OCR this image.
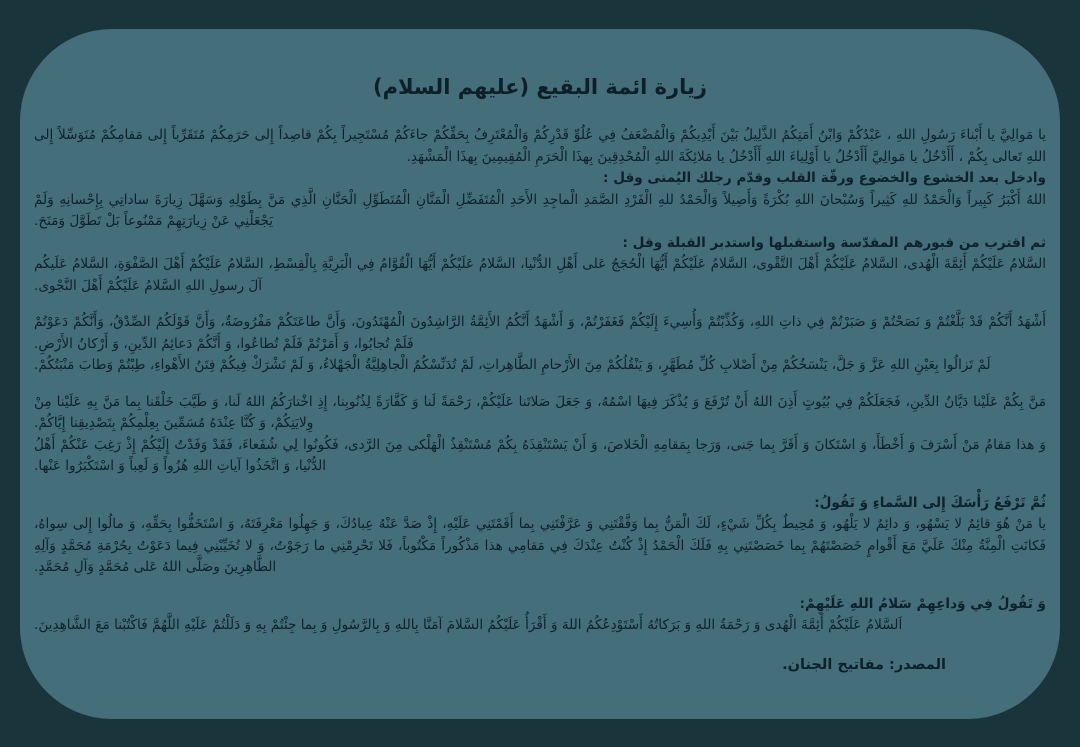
زيارة ائمة البقيع (عليهم السلام)

يا مَوالِيَّ يا أَبْناءَ رَسُولِ اللهِ ، عَبْدُكُمْ وَابْنُ أَمَتِكُمُ الذَّلِيلُ بَيْنَ أَيْدِيكُمْ وَالْمُضْعَفُ فِي عُلُوِّ قَدْرِكُمْ وَالْمُعْتَرِفُ بِحَقِّكُمْ جاءَكُمْ مُسْتَجِيراً بِكُمْ قاصِداً إِلى حَرَمِكُمْ مُتَقَرِّباً إِلى مَقامِكُمْ مُتَوَسِّلاً إِلى اللهِ تَعالى بِكُمْ ، أَأَدْخُلُ يا مَوالِيَّ أَأَدْخُلُ يا أَوْلِياءَ اللهِ أَأَدْخُلُ يا مَلائِكَةَ اللهِ الْمُحْدِقِينَ بِهذَا الْحَرَمِ الْمُقِيمِينَ بِهذَا الْمَشْهَدِ.

وادخل بعد الخشوع والخضوع ورقّة القلب وقدّم رجلك اليُمنى وقل :

اللهُ أَكْبَرُ كَبِيراً وَالْحَمْدُ للهِ كَثِيراً وَسُبْحانَ اللهِ بُكْرَةً وَأَصِيلاً وَالْحَمْدُ للهِ الْفَرْدِ الصَّمَدِ الْماجِدِ الأَحَدِ الْمُتَفَضِّلِ الْمَنَّانِ الْمُتَطَوِّلِ الْحَنَّانِ الَّذِي مَنَّ بِطَوْلِهِ وَسَهَّلَ زِيارَةَ ساداتِي بِإِحْسانِهِ وَلَمْ يَجْعَلْنِي عَنْ زِيارَتِهِمْ مَمْنُوعاً بَلْ تَطَوَّلَ وَمَنَحَ.

ثم اقترب من قبورهم المقدّسة واستقبلها واستدبر القبلة وقل :

السَّلامُ عَلَيْكُمْ أَئِمَّةَ الْهُدى، السَّلامُ عَلَيْكُمْ أَهْلَ التَّقْوى، السَّلامُ عَلَيْكُمْ أَيُّهَا الْحُجَجُ عَلى أَهْلِ الدُّنْيا، السَّلامُ عَلَيْكُمْ أَيُّهَا الْقُوَّامُ فِي الْبَرِيَّةِ بِالْقِسْطِ، السَّلامُ عَلَيْكُمْ أَهْلَ الصَّفْوَةِ، السَّلامُ عَلَيكُم آلَ رسولِ اللهِ السَّلامُ عَلَيْكُمْ أَهْلَ النَّجْوى.

أَشْهَدُ أَنَّكُمْ قَدْ بَلَّغْتُمْ وَ نَصَحْتُمْ وَ صَبَرْتُمْ فِي ذاتِ اللهِ، وَكُذِّبْتُمْ وَأُسِيءَ إِلَيْكُمْ فَغَفَرْتُمْ، وَ أَشْهَدُ أَنَّكُمُ الأَئِمَّةُ الرَّاشِدُونَ الْمُهْتَدُونَ، وَأَنَّ طاعَتَكُمْ مَفْرُوضَةٌ، وَأَنَّ قَوْلَكُمُ الصِّدْقُ، وَأَنَّكُمْ دَعَوْتُمْ فَلَمْ تُجابُوا، وَ أَمَرْتُمْ فَلَمْ تُطاعُوا، وَ أَنَّكُمْ دَعائِمُ الدِّينِ، وَ أَرْكانُ الأَرْضِ.

لَمْ تَزالُوا بِعَيْنِ اللهِ عَزَّ وَ جَلَّ، يَنْسَخُكُمْ مِنْ أَصْلابِ كُلِّ مُطَهَّرٍ، وَ يَنْقُلُكُمْ مِنَ الأَرْحامِ الطَّاهِراتِ، لَمْ تُدَنِّسْكُمُ الْجاهِلِيَّةُ الْجَهْلاءُ، وَ لَمْ تَشْرَكْ فِيكُمْ فِتَنُ الأَهْواءِ، طِبْتُمْ وَطابَ مَنْبَتُكُمْ.

مَنَّ بِكُمْ عَلَيْنا دَيَّانُ الدِّينِ، فَجَعَلَكُمْ فِي بُيُوتٍ أَذِنَ اللهُ أَنْ تُرْفَعَ وَ يُذْكَرَ فِيهَا اسْمُهُ، وَ جَعَلَ صَلاتَنا عَلَيْكُمْ، رَحْمَةً لَنا وَ كَفَّارَةً لِذُنُوبِنا، إِذِ اخْتارَكُمُ اللهُ لَنا، وَ طَيَّبَ خَلْقَنا بِما مَنَّ بِهِ عَلَيْنا مِنْ وِلايَتِكُمْ، وَ كُنَّا عِنْدَهُ مُسَمِّينَ بِعِلْمِكُمْ بِتَصْدِيقِنا إِيَّاكُمْ.

وَ هذا مَقامُ مَنْ أَسْرَفَ وَ أَخْطَأَ، وَ اسْتَكانَ وَ أَقَرَّ بِما جَنى، وَرَجا بِمَقامِهِ الْخَلاصَ، وَ أَنْ يَسْتَنْقِذَهُ بِكُمْ مُسْتَنْقِذُ الْهَلْكى مِنَ الرَّدى، فَكُونُوا لِي شُفَعاءَ، فَقَدْ وَفَدْتُ إِلَيْكُمْ إِذْ رَغِبَ عَنْكُمْ أَهْلُ الدُّنْيا، وَ اتَّخَذُوا آياتِ اللهِ هُزُواً وَ لَعِباً وَ اسْتَكْبَرُوا عَنْها.

ثُمَّ تَرْفَعُ رَأْسَكَ إِلى السَّماءِ وَ تَقُولُ:

يا مَنْ هُوَ قائِمٌ لا يَسْهُو، وَ دائِمٌ لا يَلْهُو، وَ مُحِيطٌ بِكُلِّ شَيْءٍ، لَكَ الْمَنُّ بِما وَفَّقْتَنِي وَ عَرَّفْتَنِي بِما أَقَمْتَنِي عَلَيْهِ، إِذْ صَدَّ عَنْهُ عِبادُكَ، وَ جَهِلُوا مَعْرِفَتَهُ، وَ اسْتَخَفُّوا بِحَقِّهِ، وَ مالُوا إِلى سِواهُ، فَكانَتِ الْمِنَّةُ مِنْكَ عَلَيَّ مَعَ أَقْوامٍ خَصَصْتَهُمْ بِما خَصَصْتَنِي بِهِ فَلَكَ الْحَمْدُ إِذْ كُنْتُ عِنْدَكَ فِي مَقامِي هذا مَذْكُوراً مَكْتُوباً، فَلا تَحْرِمْنِي ما رَجَوْتُ، وَ لا تُخَيِّبْنِي فِيما دَعَوْتُ بِحُرْمَةِ مُحَمَّدٍ وَآلِهِ الطَّاهِرِينَ وصَلَّى اللهُ عَلى مُحَمَّدٍ وَآلِ مُحَمَّدٍ.

وَ تَقُولُ فِي وَداعِهِمْ سَلامُ اللهِ عَلَيْهِمْ:

اَلسَّلامُ عَلَيْكُمْ أَئِمَّةَ الْهُدى وَ رَحْمَةُ اللهِ وَ بَرَكاتُهُ أَسْتَوْدِعُكُمُ اللهَ وَ أَقْرَأُ عَلَيْكُمُ السَّلامَ آمَنَّا بِاللهِ وَ بِالرَّسُولِ وَ بِما جِئْتُمْ بِهِ وَ دَلَلْتُمْ عَلَيْهِ اللَّهُمَّ فَاكْتُبْنا مَعَ الشَّاهِدِينَ.

المصدر: مفاتيح الجنان.
